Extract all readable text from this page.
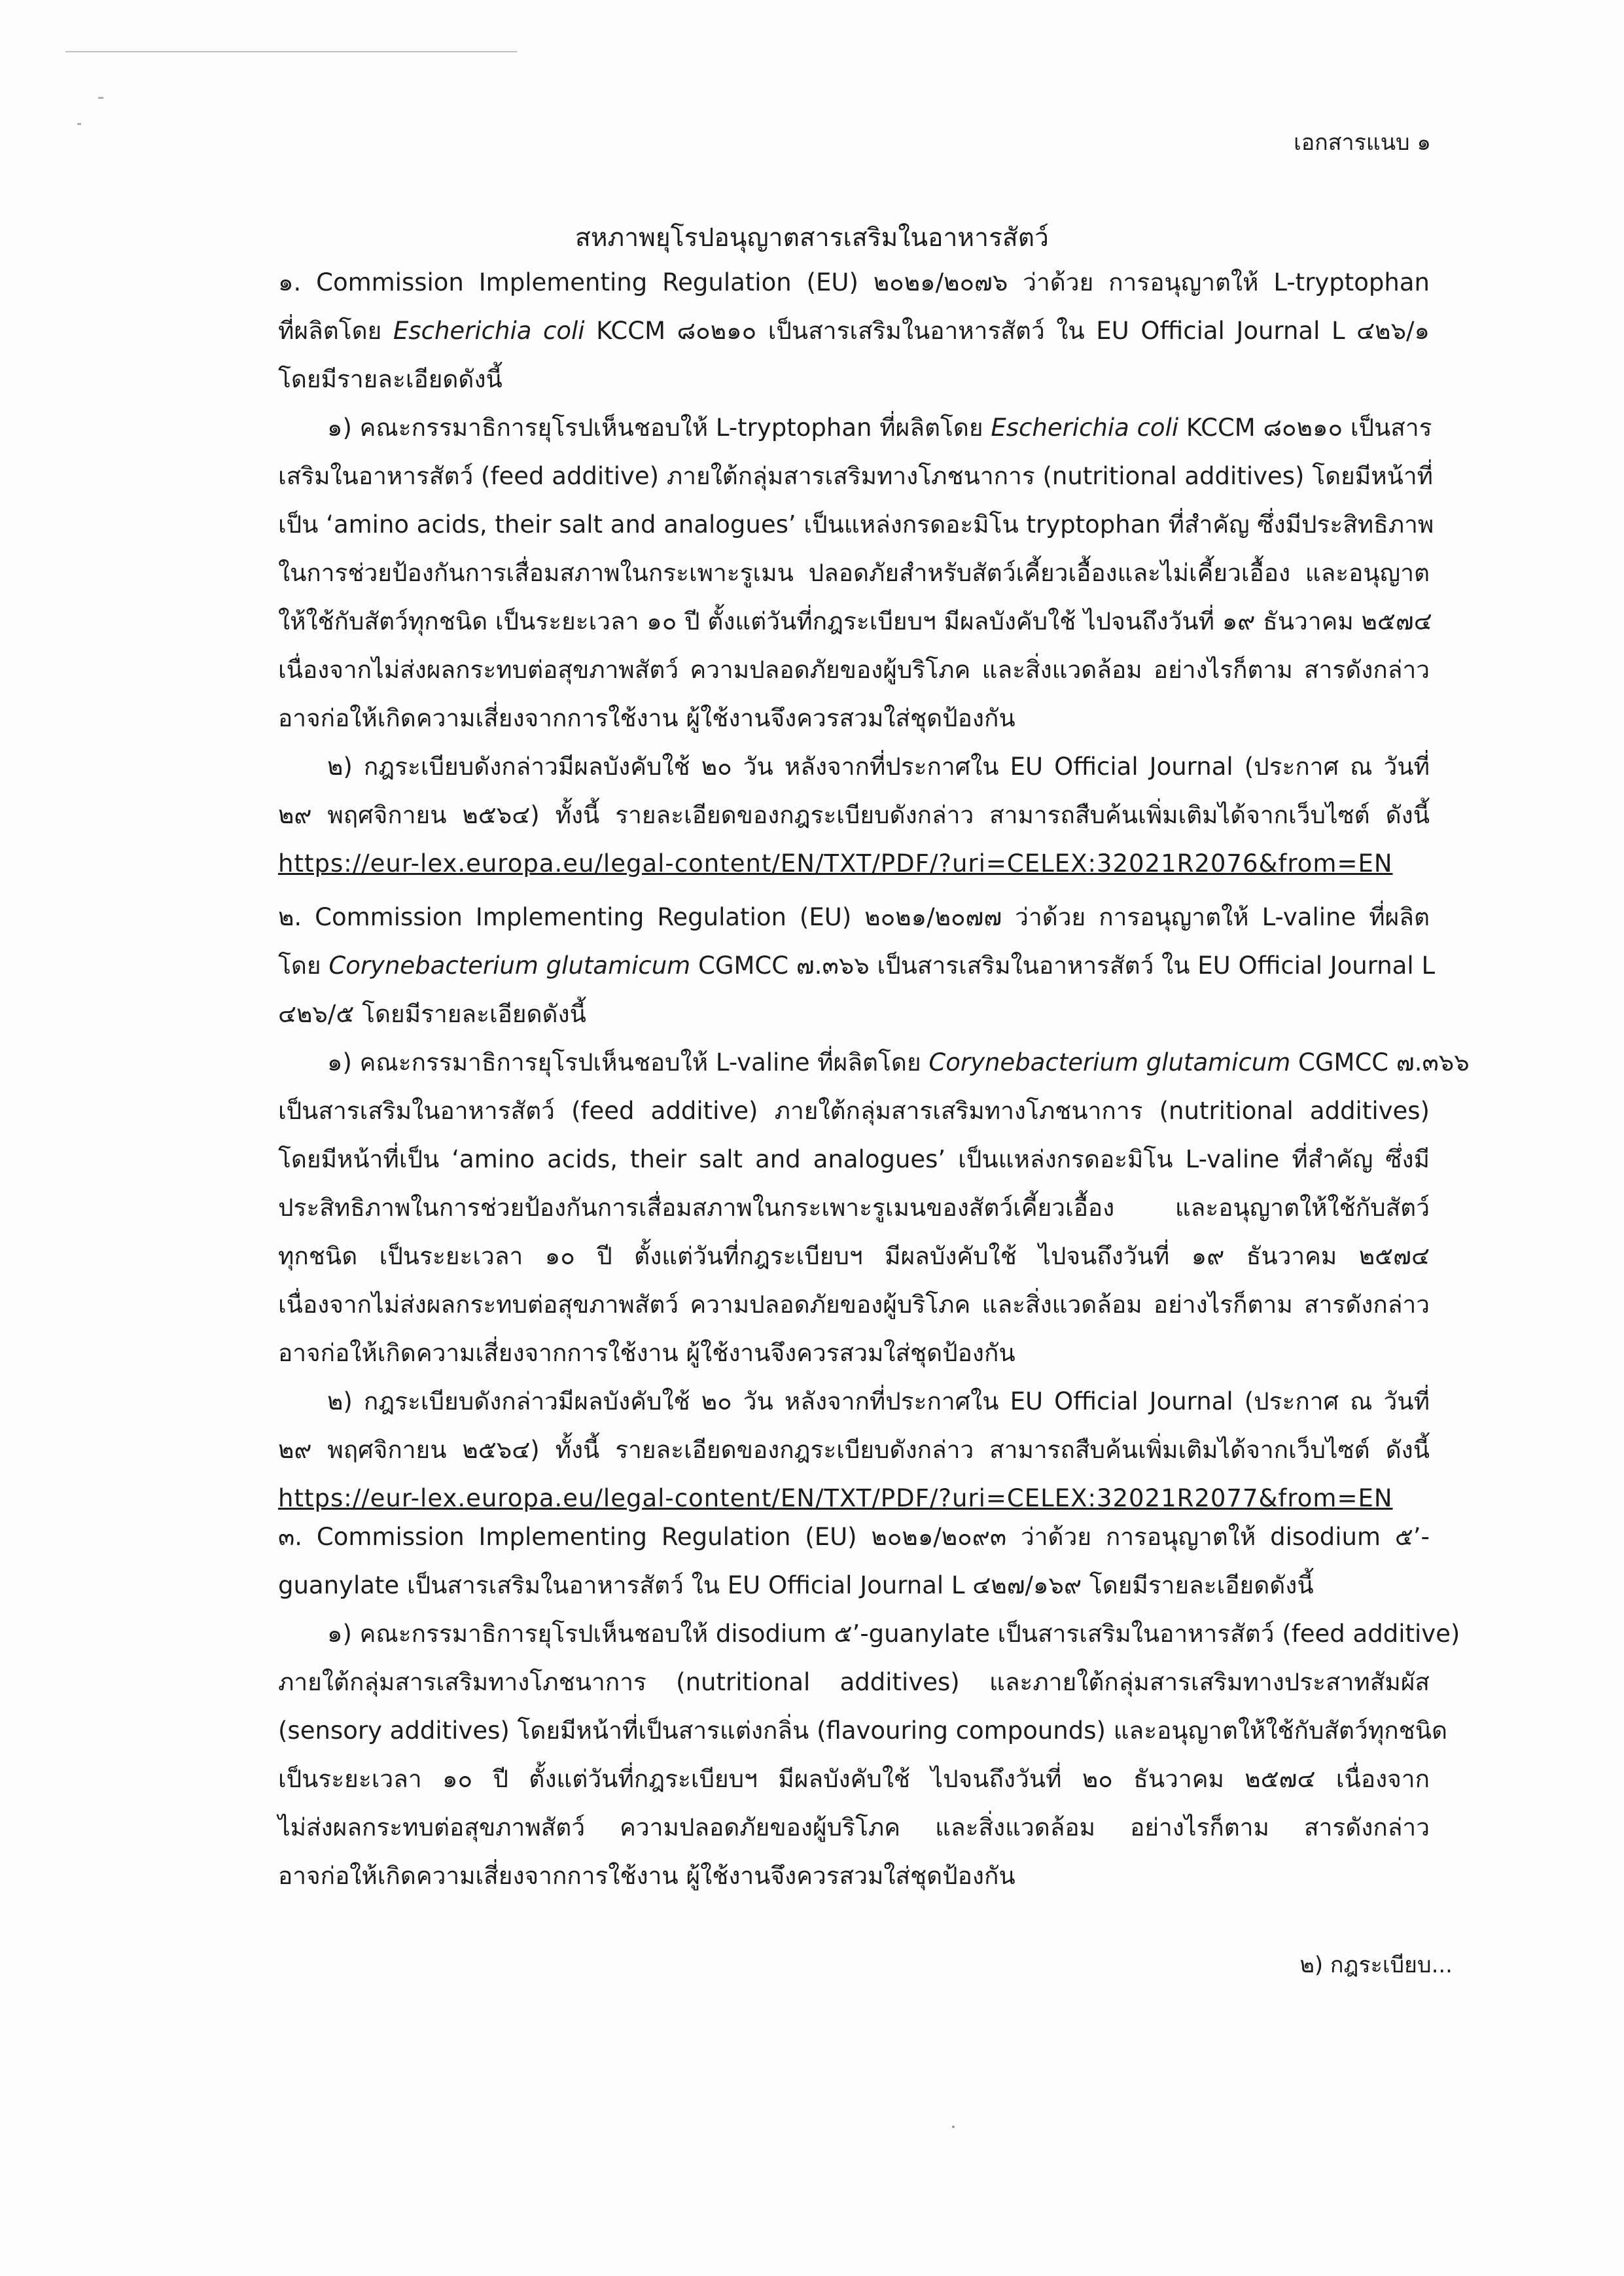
เอกสารแนบ ๑
สหภาพยุโรปอนุญาตสารเสริมในอาหารสัตว์
๑. Commission Implementing Regulation (EU) ๒๐๒๑/๒๐๗๖ ว่าด้วย การอนุญาตให้ L-tryptophan
ที่ผลิตโดย Escherichia coli KCCM ๘๐๒๑๐ เป็นสารเสริมในอาหารสัตว์ ใน EU Official Journal L ๔๒๖/๑
โดยมีรายละเอียดดังนี้
๑) คณะกรรมาธิการยุโรปเห็นชอบให้ L-tryptophan ที่ผลิตโดย Escherichia coli KCCM ๘๐๒๑๐ เป็นสาร
เสริมในอาหารสัตว์ (feed additive) ภายใต้กลุ่มสารเสริมทางโภชนาการ (nutritional additives) โดยมีหน้าที่
เป็น ‘amino acids, their salt and analogues’ เป็นแหล่งกรดอะมิโน tryptophan ที่สำคัญ ซึ่งมีประสิทธิภาพ
ในการช่วยป้องกันการเสื่อมสภาพในกระเพาะรูเมน ปลอดภัยสำหรับสัตว์เคี้ยวเอื้องและไม่เคี้ยวเอื้อง และอนุญาต
ให้ใช้กับสัตว์ทุกชนิด เป็นระยะเวลา ๑๐ ปี ตั้งแต่วันที่กฎระเบียบฯ มีผลบังคับใช้ ไปจนถึงวันที่ ๑๙ ธันวาคม ๒๕๗๔
เนื่องจากไม่ส่งผลกระทบต่อสุขภาพสัตว์ ความปลอดภัยของผู้บริโภค และสิ่งแวดล้อม อย่างไรก็ตาม สารดังกล่าว
อาจก่อให้เกิดความเสี่ยงจากการใช้งาน ผู้ใช้งานจึงควรสวมใส่ชุดป้องกัน
๒) กฎระเบียบดังกล่าวมีผลบังคับใช้ ๒๐ วัน หลังจากที่ประกาศใน EU Official Journal (ประกาศ ณ วันที่
๒๙ พฤศจิกายน ๒๕๖๔) ทั้งนี้ รายละเอียดของกฎระเบียบดังกล่าว สามารถสืบค้นเพิ่มเติมได้จากเว็บไซต์ ดังนี้
https://eur-lex.europa.eu/legal-content/EN/TXT/PDF/?uri=CELEX:32021R2076&from=EN
๒. Commission Implementing Regulation (EU) ๒๐๒๑/๒๐๗๗ ว่าด้วย การอนุญาตให้ L-valine ที่ผลิต
โดย Corynebacterium glutamicum CGMCC ๗.๓๖๖ เป็นสารเสริมในอาหารสัตว์ ใน EU Official Journal L
๔๒๖/๕ โดยมีรายละเอียดดังนี้
๑) คณะกรรมาธิการยุโรปเห็นชอบให้ L-valine ที่ผลิตโดย Corynebacterium glutamicum CGMCC ๗.๓๖๖
เป็นสารเสริมในอาหารสัตว์ (feed additive) ภายใต้กลุ่มสารเสริมทางโภชนาการ (nutritional additives)
โดยมีหน้าที่เป็น ‘amino acids, their salt and analogues’ เป็นแหล่งกรดอะมิโน L-valine ที่สำคัญ ซึ่งมี
ประสิทธิภาพในการช่วยป้องกันการเสื่อมสภาพในกระเพาะรูเมนของสัตว์เคี้ยวเอื้อง และอนุญาตให้ใช้กับสัตว์
ทุกชนิด เป็นระยะเวลา ๑๐ ปี ตั้งแต่วันที่กฎระเบียบฯ มีผลบังคับใช้ ไปจนถึงวันที่ ๑๙ ธันวาคม ๒๕๗๔
เนื่องจากไม่ส่งผลกระทบต่อสุขภาพสัตว์ ความปลอดภัยของผู้บริโภค และสิ่งแวดล้อม อย่างไรก็ตาม สารดังกล่าว
อาจก่อให้เกิดความเสี่ยงจากการใช้งาน ผู้ใช้งานจึงควรสวมใส่ชุดป้องกัน
๒) กฎระเบียบดังกล่าวมีผลบังคับใช้ ๒๐ วัน หลังจากที่ประกาศใน EU Official Journal (ประกาศ ณ วันที่
๒๙ พฤศจิกายน ๒๕๖๔) ทั้งนี้ รายละเอียดของกฎระเบียบดังกล่าว สามารถสืบค้นเพิ่มเติมได้จากเว็บไซต์ ดังนี้
https://eur-lex.europa.eu/legal-content/EN/TXT/PDF/?uri=CELEX:32021R2077&from=EN
๓. Commission Implementing Regulation (EU) ๒๐๒๑/๒๐๙๓ ว่าด้วย การอนุญาตให้ disodium ๕’-
guanylate เป็นสารเสริมในอาหารสัตว์ ใน EU Official Journal L ๔๒๗/๑๖๙ โดยมีรายละเอียดดังนี้
๑) คณะกรรมาธิการยุโรปเห็นชอบให้ disodium ๕’-guanylate เป็นสารเสริมในอาหารสัตว์ (feed additive)
ภายใต้กลุ่มสารเสริมทางโภชนาการ (nutritional additives) และภายใต้กลุ่มสารเสริมทางประสาทสัมผัส
(sensory additives) โดยมีหน้าที่เป็นสารแต่งกลิ่น (flavouring compounds) และอนุญาตให้ใช้กับสัตว์ทุกชนิด
เป็นระยะเวลา ๑๐ ปี ตั้งแต่วันที่กฎระเบียบฯ มีผลบังคับใช้ ไปจนถึงวันที่ ๒๐ ธันวาคม ๒๕๗๔ เนื่องจาก
ไม่ส่งผลกระทบต่อสุขภาพสัตว์ ความปลอดภัยของผู้บริโภค และสิ่งแวดล้อม อย่างไรก็ตาม สารดังกล่าว
อาจก่อให้เกิดความเสี่ยงจากการใช้งาน ผู้ใช้งานจึงควรสวมใส่ชุดป้องกัน
๒) กฎระเบียบ...
